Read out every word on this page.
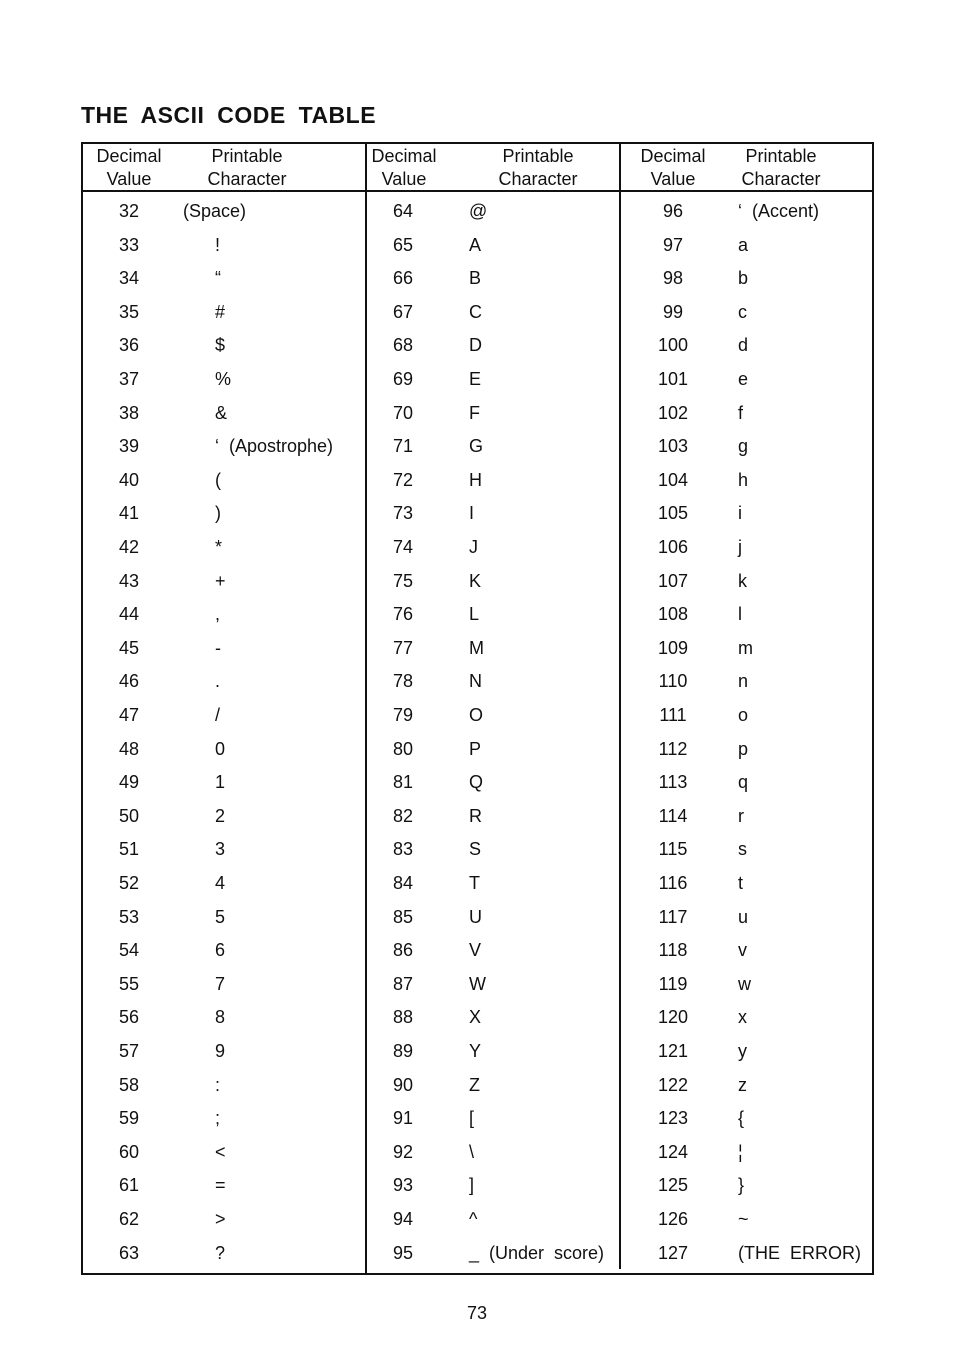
THE ASCII CODE TABLE
Decimal
Value
Printable
Character
Decimal
Value
Printable
Character
Decimal
Value
Printable
Character
32	(Space)
33	!
34	“
35	#
36	$
37	%
38	&
39	‘  (Apostrophe)
40	(
41	)
42	*
43	+
44	,
45	-
46	.
47	/
48	0
49	1
50	2
51	3
52	4
53	5
54	6
55	7
56	8
57	9
58	:
59	;
60	<
61	=
62	>
63	?
64	@
65	A
66	B
67	C
68	D
69	E
70	F
71	G
72	H
73	I
74	J
75	K
76	L
77	M
78	N
79	O
80	P
81	Q
82	R
83	S
84	T
85	U
86	V
87	W
88	X
89	Y
90	Z
91	[
92	\
93	]
94	^
95	_  (Under  score)
96	‘  (Accent)
97	a
98	b
99	c
100	d
101	e
102	f
103	g
104	h
105	i
106	j
107	k
108	l
109	m
110	n
111	o
112	p
113	q
114	r
115	s
116	t
117	u
118	v
119	w
120	x
121	y
122	z
123	{
124	¦
125	}
126	~
127	(THE  ERROR)
73
